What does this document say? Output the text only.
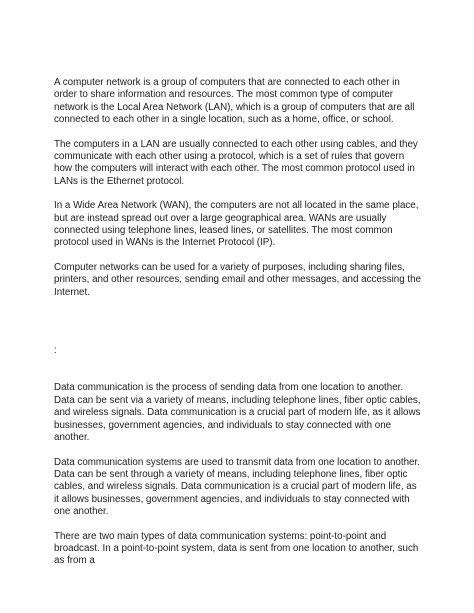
A computer network is a group of computers that are connected to each other in order to share information and resources. The most common type of computer network is the Local Area Network (LAN), which is a group of computers that are all connected to each other in a single location, such as a home, office, or school.

The computers in a LAN are usually connected to each other using cables, and they communicate with each other using a protocol, which is a set of rules that govern how the computers will interact with each other. The most common protocol used in LANs is the Ethernet protocol.

In a Wide Area Network (WAN), the computers are not all located in the same place, but are instead spread out over a large geographical area. WANs are usually connected using telephone lines, leased lines, or satellites. The most common protocol used in WANs is the Internet Protocol (IP).

Computer networks can be used for a variety of purposes, including sharing files, printers, and other resources, sending email and other messages, and accessing the Internet.

:

Data communication is the process of sending data from one location to another. Data can be sent via a variety of means, including telephone lines, fiber optic cables, and wireless signals. Data communication is a crucial part of modern life, as it allows businesses, government agencies, and individuals to stay connected with one another.

Data communication systems are used to transmit data from one location to another. Data can be sent through a variety of means, including telephone lines, fiber optic cables, and wireless signals. Data communication is a crucial part of modern life, as it allows businesses, government agencies, and individuals to stay connected with one another.

There are two main types of data communication systems: point-to-point and broadcast. In a point-to-point system, data is sent from one location to another, such as from a
